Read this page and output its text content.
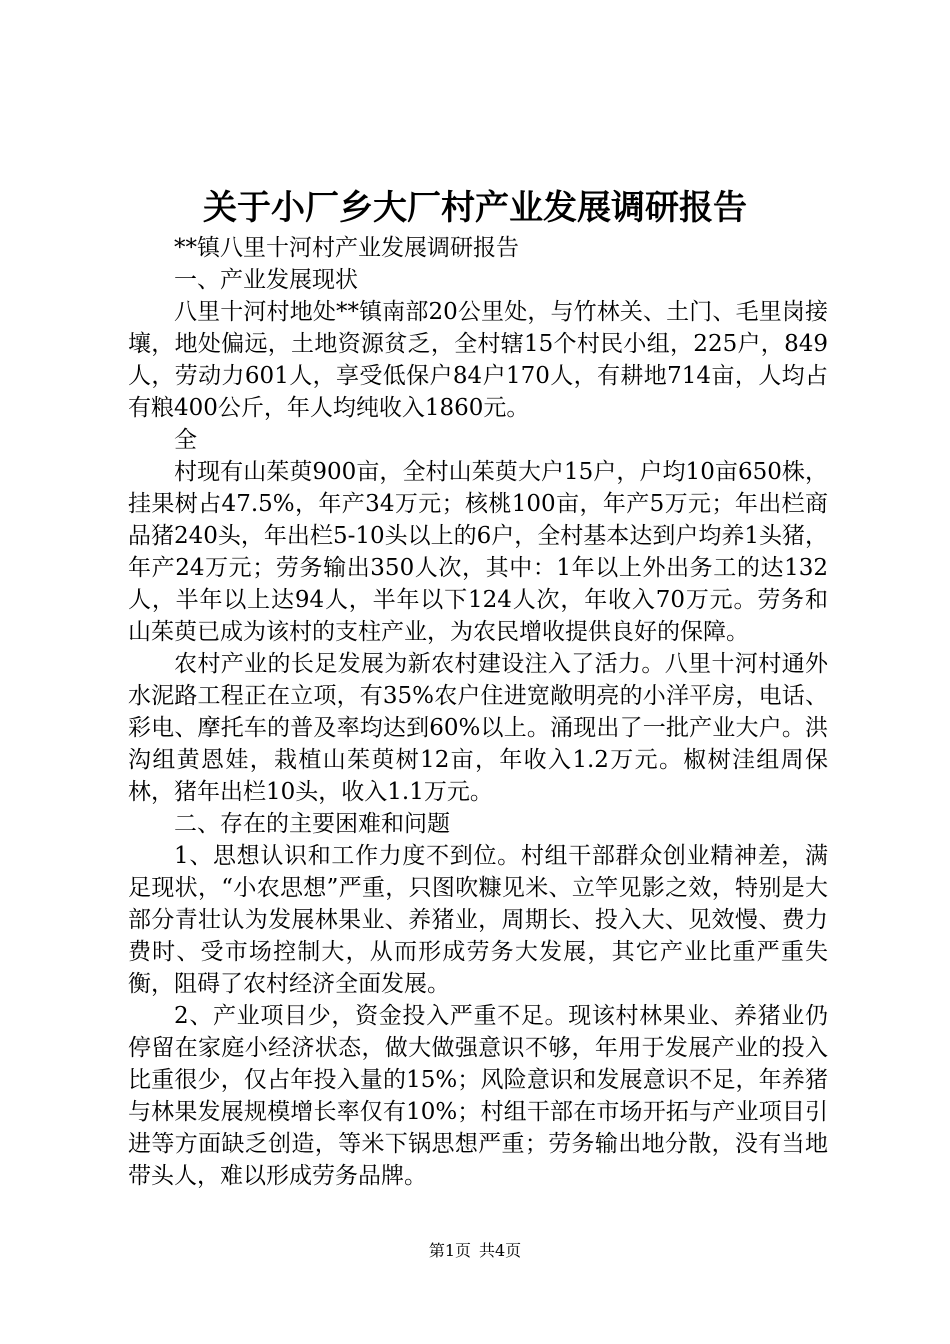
关于小厂乡大厂村产业发展调研报告

**镇八里十河村产业发展调研报告

一、产业发展现状

八里十河村地处**镇南部20公里处，与竹林关、土门、毛里岗接壤，地处偏远，土地资源贫乏，全村辖15个村民小组，225户，849人，劳动力601人，享受低保户84户170人，有耕地714亩，人均占有粮400公斤，年人均纯收入1860元。

全

村现有山茱萸900亩，全村山茱萸大户15户，户均10亩650株，挂果树占47.5%，年产34万元；核桃100亩，年产5万元；年出栏商品猪240头，年出栏5-10头以上的6户，全村基本达到户均养1头猪，年产24万元；劳务输出350人次，其中：1年以上外出务工的达132人，半年以上达94人，半年以下124人次，年收入70万元。劳务和山茱萸已成为该村的支柱产业，为农民增收提供良好的保障。

农村产业的长足发展为新农村建设注入了活力。八里十河村通外水泥路工程正在立项，有35%农户住进宽敞明亮的小洋平房，电话、彩电、摩托车的普及率均达到60%以上。涌现出了一批产业大户。洪沟组黄恩娃，栽植山茱萸树12亩，年收入1.2万元。椒树洼组周保林，猪年出栏10头，收入1.1万元。

二、存在的主要困难和问题

1、思想认识和工作力度不到位。村组干部群众创业精神差，满足现状，“小农思想”严重，只图吹糠见米、立竿见影之效，特别是大部分青壮认为发展林果业、养猪业，周期长、投入大、见效慢、费力费时、受市场控制大，从而形成劳务大发展，其它产业比重严重失衡，阻碍了农村经济全面发展。

2、产业项目少，资金投入严重不足。现该村林果业、养猪业仍停留在家庭小经济状态，做大做强意识不够，年用于发展产业的投入比重很少，仅占年投入量的15%；风险意识和发展意识不足，年养猪与林果发展规模增长率仅有10%；村组干部在市场开拓与产业项目引进等方面缺乏创造，等米下锅思想严重；劳务输出地分散，没有当地带头人，难以形成劳务品牌。

第1页 共4页
